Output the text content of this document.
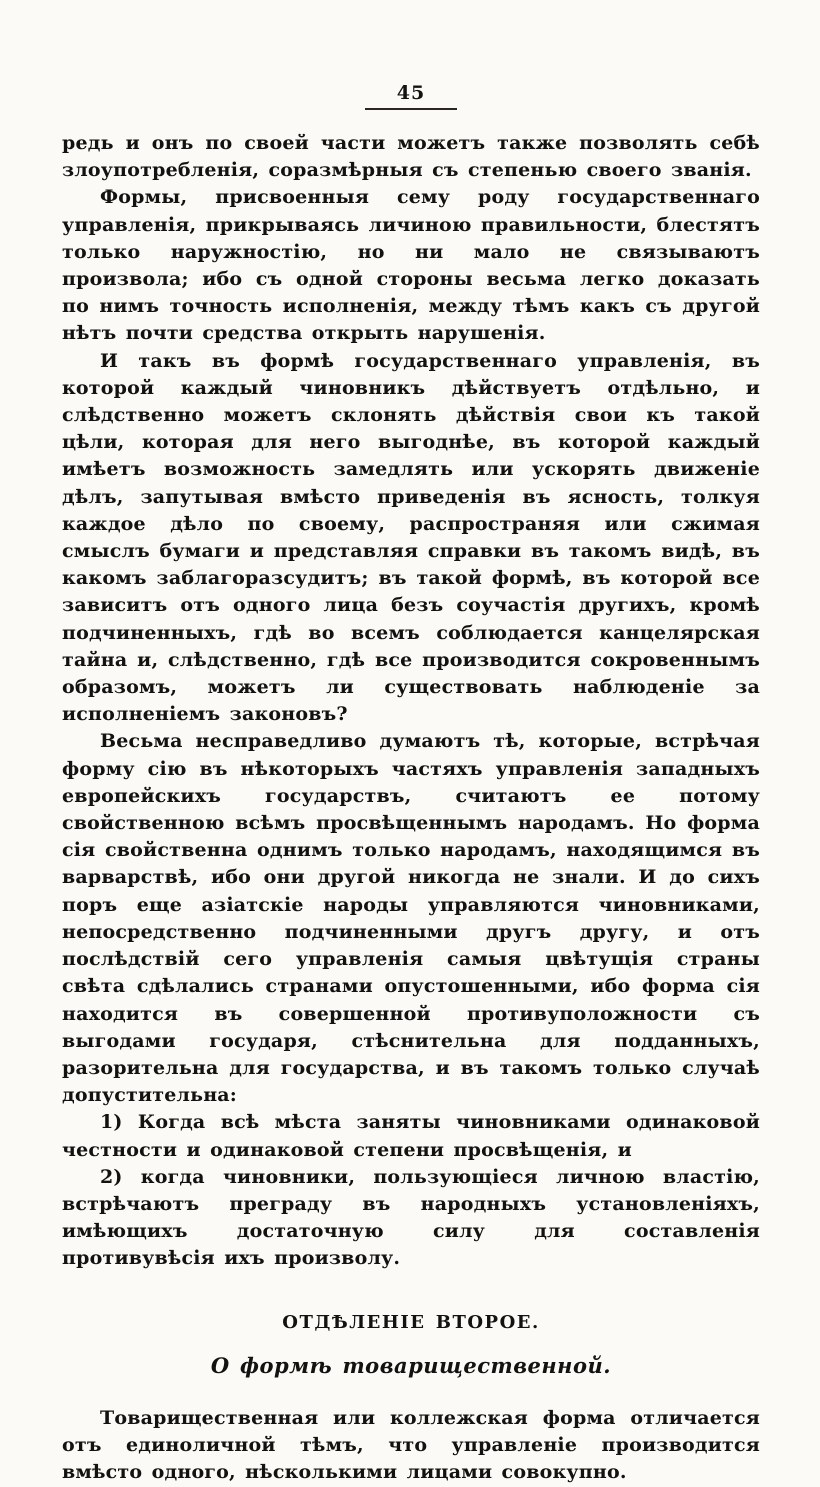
45

редь и онъ по своей части можетъ также позволять себѣ злоупотребленія, соразмѣрныя съ степенью своего званія.

Формы, присвоенныя сему роду государственнаго управленія, прикрываясь личиною правильности, блестятъ только наружностію, но ни мало не связываютъ произвола; ибо съ одной стороны весьма легко доказать по нимъ точность исполненія, между тѣмъ какъ съ другой нѣтъ почти средства открыть нарушенія.

И такъ въ формѣ государственнаго управленія, въ которой каждый чиновникъ дѣйствуетъ отдѣльно, и слѣдственно можетъ склонять дѣйствія свои къ такой цѣли, которая для него выгоднѣе, въ которой каждый имѣетъ возможность замедлять или ускорять движеніе дѣлъ, запутывая вмѣсто приведенія въ ясность, толкуя каждое дѣло по своему, распространяя или сжимая смыслъ бумаги и представляя справки въ такомъ видѣ, въ какомъ заблагоразсудитъ; въ такой формѣ, въ которой все зависитъ отъ одного лица безъ соучастія другихъ, кромѣ подчиненныхъ, гдѣ во всемъ соблюдается канцелярская тайна и, слѣдственно, гдѣ все производится сокровеннымъ образомъ, можетъ ли существовать наблюденіе за исполненіемъ законовъ?

Весьма несправедливо думаютъ тѣ, которые, встрѣчая форму сію въ нѣкоторыхъ частяхъ управленія западныхъ европейскихъ государствъ, считаютъ ее потому свойственною всѣмъ просвѣщеннымъ народамъ. Но форма сія свойственна однимъ только народамъ, находящимся въ варварствѣ, ибо они другой никогда не знали. И до сихъ поръ еще азіатскіе народы управляются чиновниками, непосредственно подчиненными другъ другу, и отъ послѣдствій сего управленія самыя цвѣтущія страны свѣта сдѣлались странами опустошенными, ибо форма сія находится въ совершенной противуположности съ выгодами государя, стѣснительна для подданныхъ, разорительна для государства, и въ такомъ только случаѣ допустительна:

1) Когда всѣ мѣста заняты чиновниками одинаковой честности и одинаковой степени просвѣщенія, и

2) когда чиновники, пользующіеся личною властію, встрѣчаютъ преграду въ народныхъ установленіяхъ, имѣющихъ достаточную силу для составленія противувѣсія ихъ произволу.

ОТДѢЛЕНІЕ ВТОРОЕ.
О формѣ товарищественной.

Товарищественная или коллежская форма отличается отъ единоличной тѣмъ, что управленіе производится вмѣсто одного, нѣсколькими лицами совокупно.
